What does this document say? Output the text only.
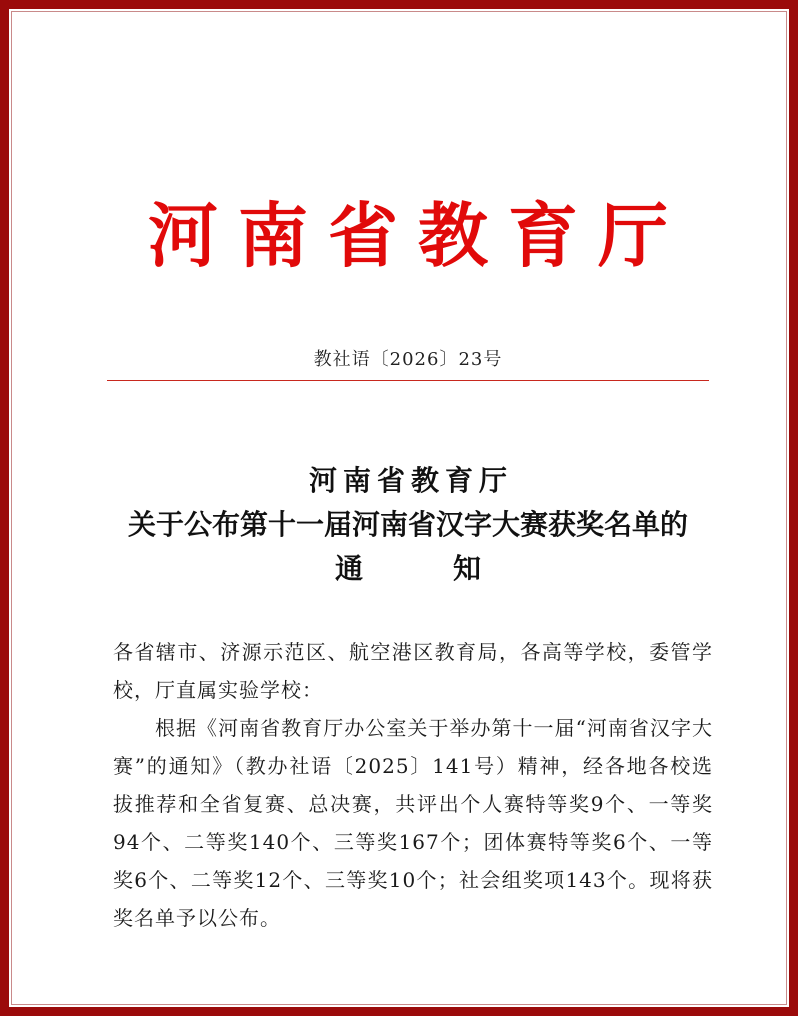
河南省教育厅
教社语〔2026〕23号
河南省教育厅
关于公布第十一届河南省汉字大赛获奖名单的
通	知

各省辖市、济源示范区、航空港区教育局，各高等学校，委管学校，厅直属实验学校：

根据《河南省教育厅办公室关于举办第十一届“河南省汉字大赛”的通知》（教办社语〔2025〕141号）精神，经各地各校选拔推荐和全省复赛、总决赛，共评出个人赛特等奖9个、一等奖94个、二等奖140个、三等奖167个；团体赛特等奖6个、一等奖6个、二等奖12个、三等奖10个；社会组奖项143个。现将获奖名单予以公布。
